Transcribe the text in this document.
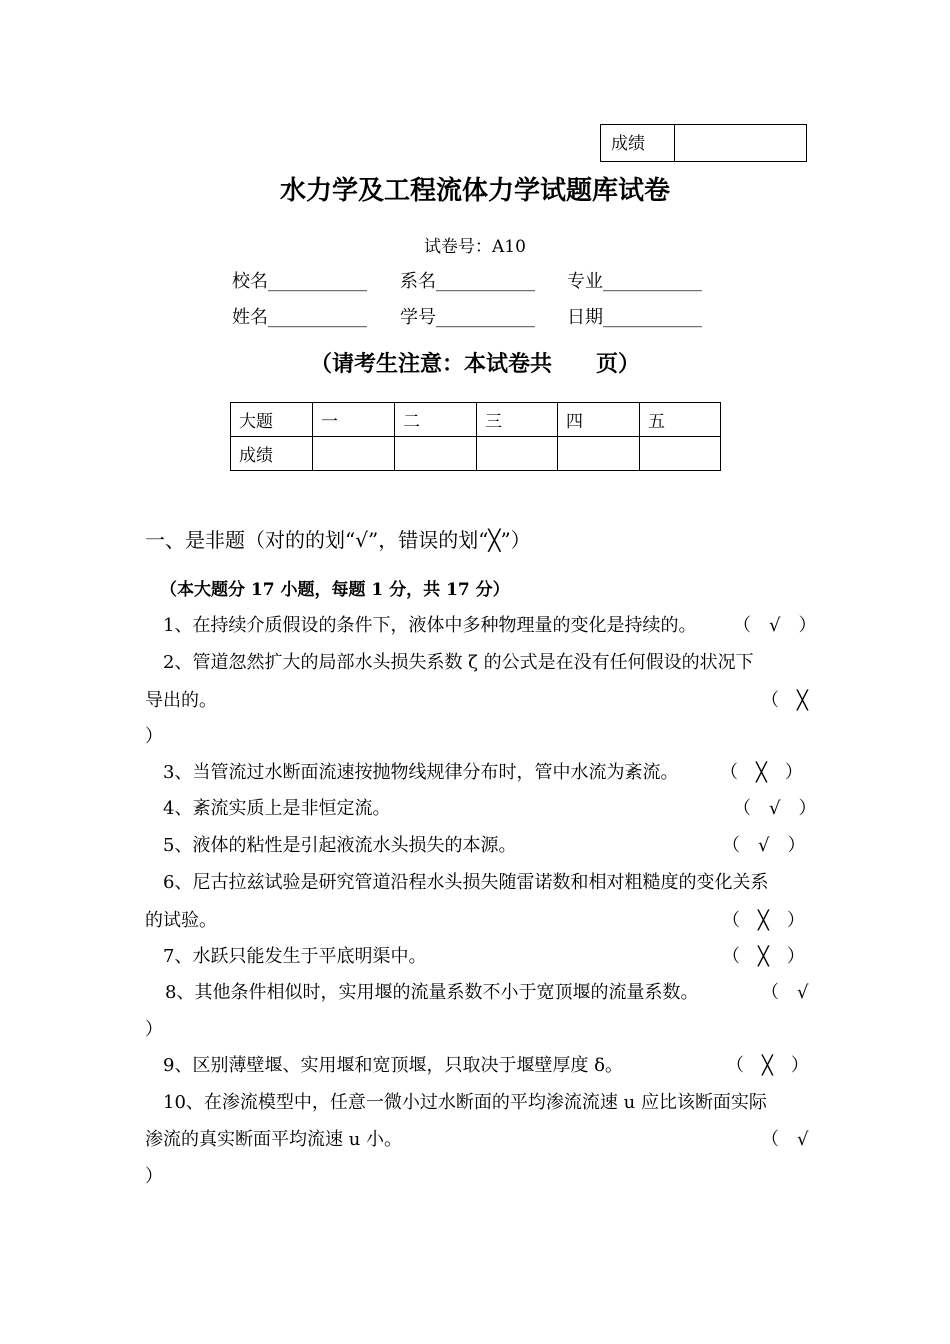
成绩
水力学及工程流体力学试题库试卷
试卷号：A10
校名___________ 系名___________ 专业___________
姓名___________ 学号___________ 日期___________
（请考生注意：本试卷共　　页）
大题	一	二	三	四	五
成绩					
一、是非题（对的的划“√”，错误的划“╳”）
（本大题分 17 小题，每题 1 分，共 17 分）
1、在持续介质假设的条件下，液体中多种物理量的变化是持续的。 （　√　）
2、管道忽然扩大的局部水头损失系数 ζ 的公式是在没有任何假设的状况下
导出的。	（　╳
）
3、当管流过水断面流速按抛物线规律分布时，管中水流为紊流。 （　╳　）
4、紊流实质上是非恒定流。	（　√　）
5、液体的粘性是引起液流水头损失的本源。	（　√　）
6、尼古拉兹试验是研究管道沿程水头损失随雷诺数和相对粗糙度的变化关系
的试验。	（　╳　）
7、水跃只能发生于平底明渠中。	（　╳　）
8、其他条件相似时，实用堰的流量系数不小于宽顶堰的流量系数。	（　√
）
9、区别薄壁堰、实用堰和宽顶堰，只取决于堰壁厚度 δ。	（　╳　）
10、在渗流模型中，任意一微小过水断面的平均渗流流速 u 应比该断面实际
渗流的真实断面平均流速 u 小。	（　√
）
